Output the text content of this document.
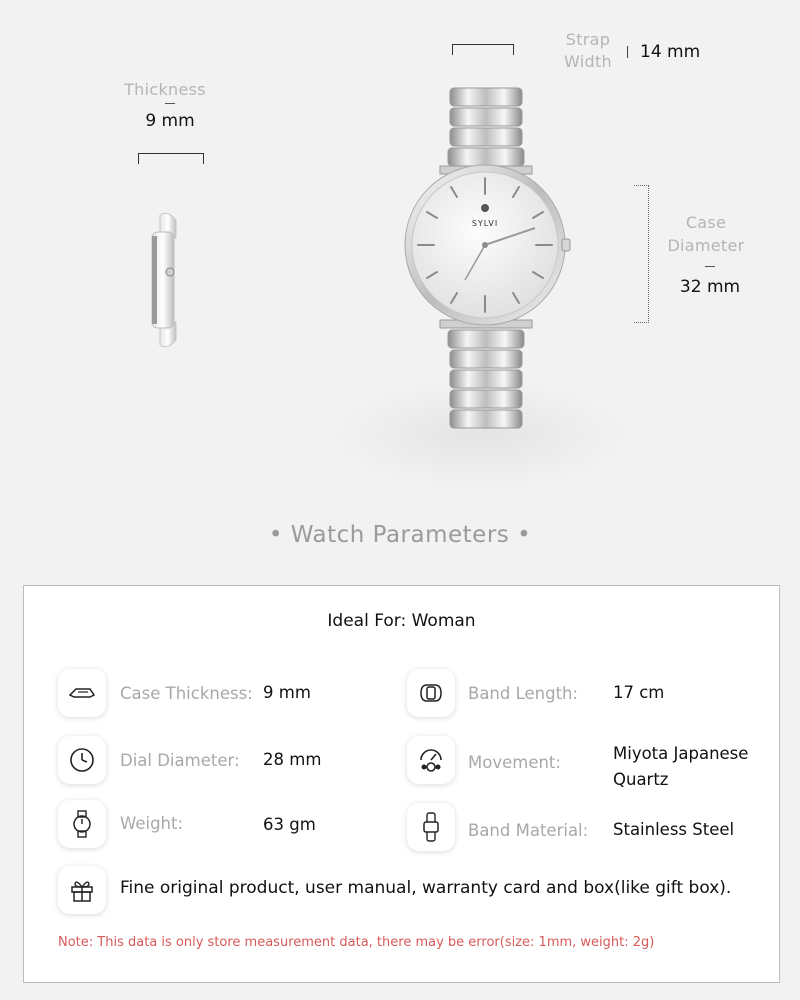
Thickness
9 mm
Strap
Width	14 mm
Case
Diameter
32 mm
SYLVI
• Watch Parameters •
Ideal For: Woman
Case Thickness: 9 mm
Dial Diameter: 28 mm
Weight:	63 gm
Band Length: 17 cm
Movement:	Miyota Japanese
Quartz
Band Material: Stainless Steel
Fine original product, user manual, warranty card and box(like gift box).
Note: This data is only store measurement data, there may be error(size: 1mm, weight: 2g)
